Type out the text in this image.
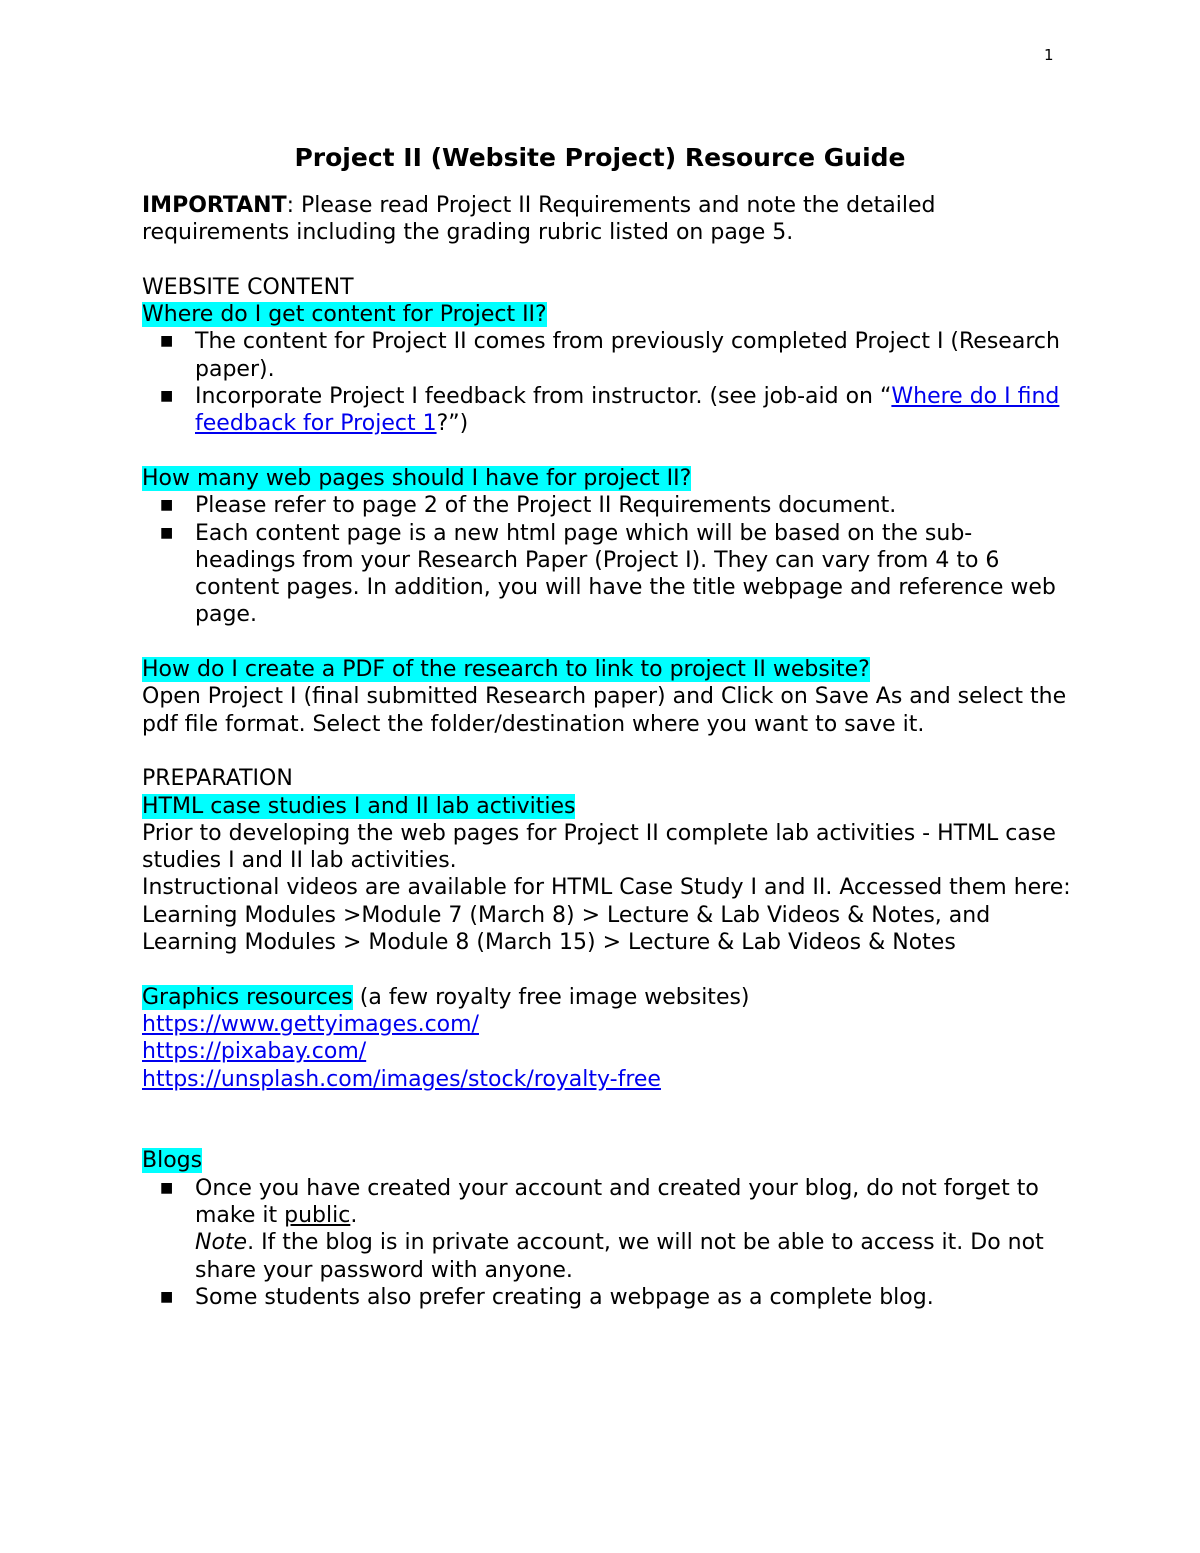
1

Project II (Website Project) Resource Guide

IMPORTANT: Please read Project II Requirements and note the detailed requirements including the grading rubric listed on page 5.

WEBSITE CONTENT

Where do I get content for Project II?

■ The content for Project II comes from previously completed Project I (Research paper).
■ Incorporate Project I feedback from instructor. (see job-aid on “Where do I find feedback for Project 1?”)

How many web pages should I have for project II?

■ Please refer to page 2 of the Project II Requirements document.
■ Each content page is a new html page which will be based on the sub-headings from your Research Paper (Project I). They can vary from 4 to 6 content pages. In addition, you will have the title webpage and reference web page.

How do I create a PDF of the research to link to project II website?

Open Project I (final submitted Research paper) and Click on Save As and select the pdf file format. Select the folder/destination where you want to save it.

PREPARATION

HTML case studies I and II lab activities

Prior to developing the web pages for Project II complete lab activities - HTML case studies I and II lab activities.

Instructional videos are available for HTML Case Study I and II. Accessed them here:

Learning Modules >Module 7 (March 8) > Lecture & Lab Videos & Notes, and

Learning Modules > Module 8 (March 15) > Lecture & Lab Videos & Notes

Graphics resources (a few royalty free image websites)

https://www.gettyimages.com/

https://pixabay.com/

https://unsplash.com/images/stock/royalty-free

Blogs

■ Once you have created your account and created your blog, do not forget to make it public.
Note. If the blog is in private account, we will not be able to access it. Do not share your password with anyone.
■ Some students also prefer creating a webpage as a complete blog.
